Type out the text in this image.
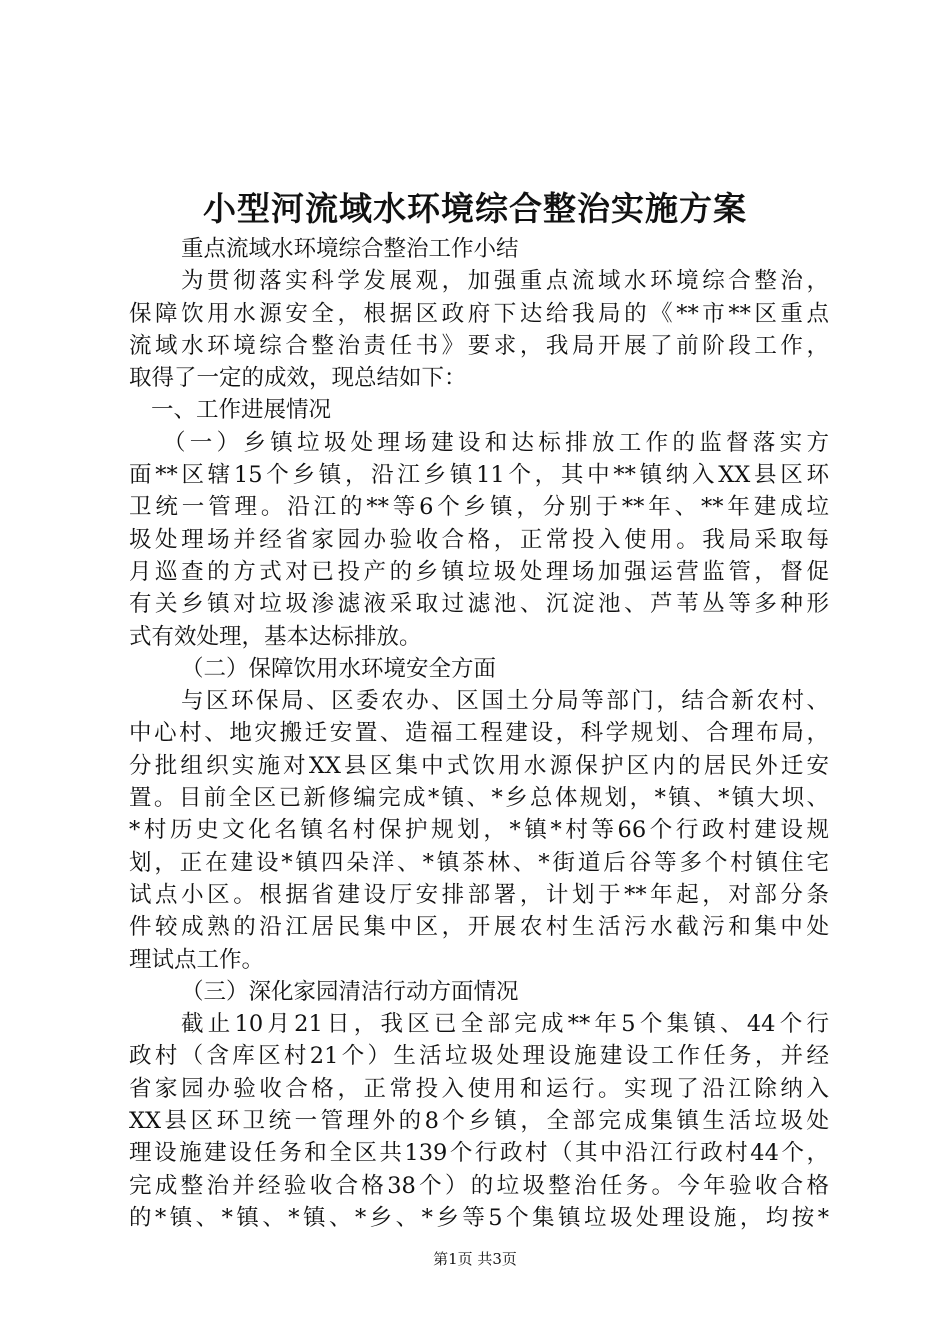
小型河流域水环境综合整治实施方案
重点流域水环境综合整治工作小结
为贯彻落实科学发展观，加强重点流域水环境综合整治，
保障饮用水源安全，根据区政府下达给我局的《**市**区重点
流域水环境综合整治责任书》要求，我局开展了前阶段工作，
取得了一定的成效，现总结如下：
一、工作进展情况
（一）乡镇垃圾处理场建设和达标排放工作的监督落实方
面**区辖15个乡镇，沿江乡镇11个，其中**镇纳入XX县区环
卫统一管理。沿江的**等6个乡镇，分别于**年、**年建成垃
圾处理场并经省家园办验收合格，正常投入使用。我局采取每
月巡查的方式对已投产的乡镇垃圾处理场加强运营监管，督促
有关乡镇对垃圾渗滤液采取过滤池、沉淀池、芦苇丛等多种形
式有效处理，基本达标排放。
（二）保障饮用水环境安全方面
与区环保局、区委农办、区国土分局等部门，结合新农村、
中心村、地灾搬迁安置、造福工程建设，科学规划、合理布局，
分批组织实施对XX县区集中式饮用水源保护区内的居民外迁安
置。目前全区已新修编完成*镇、*乡总体规划，*镇、*镇大坝、
*村历史文化名镇名村保护规划，*镇*村等66个行政村建设规
划，正在建设*镇四朵洋、*镇茶林、*街道后谷等多个村镇住宅
试点小区。根据省建设厅安排部署，计划于**年起，对部分条
件较成熟的沿江居民集中区，开展农村生活污水截污和集中处
理试点工作。
（三）深化家园清洁行动方面情况
截止10月21日，我区已全部完成**年5个集镇、44个行
政村（含库区村21个）生活垃圾处理设施建设工作任务，并经
省家园办验收合格，正常投入使用和运行。实现了沿江除纳入
XX县区环卫统一管理外的8个乡镇，全部完成集镇生活垃圾处
理设施建设任务和全区共139个行政村（其中沿江行政村44个，
完成整治并经验收合格38个）的垃圾整治任务。今年验收合格
的*镇、*镇、*镇、*乡、*乡等5个集镇垃圾处理设施，均按*
第1页 共3页
